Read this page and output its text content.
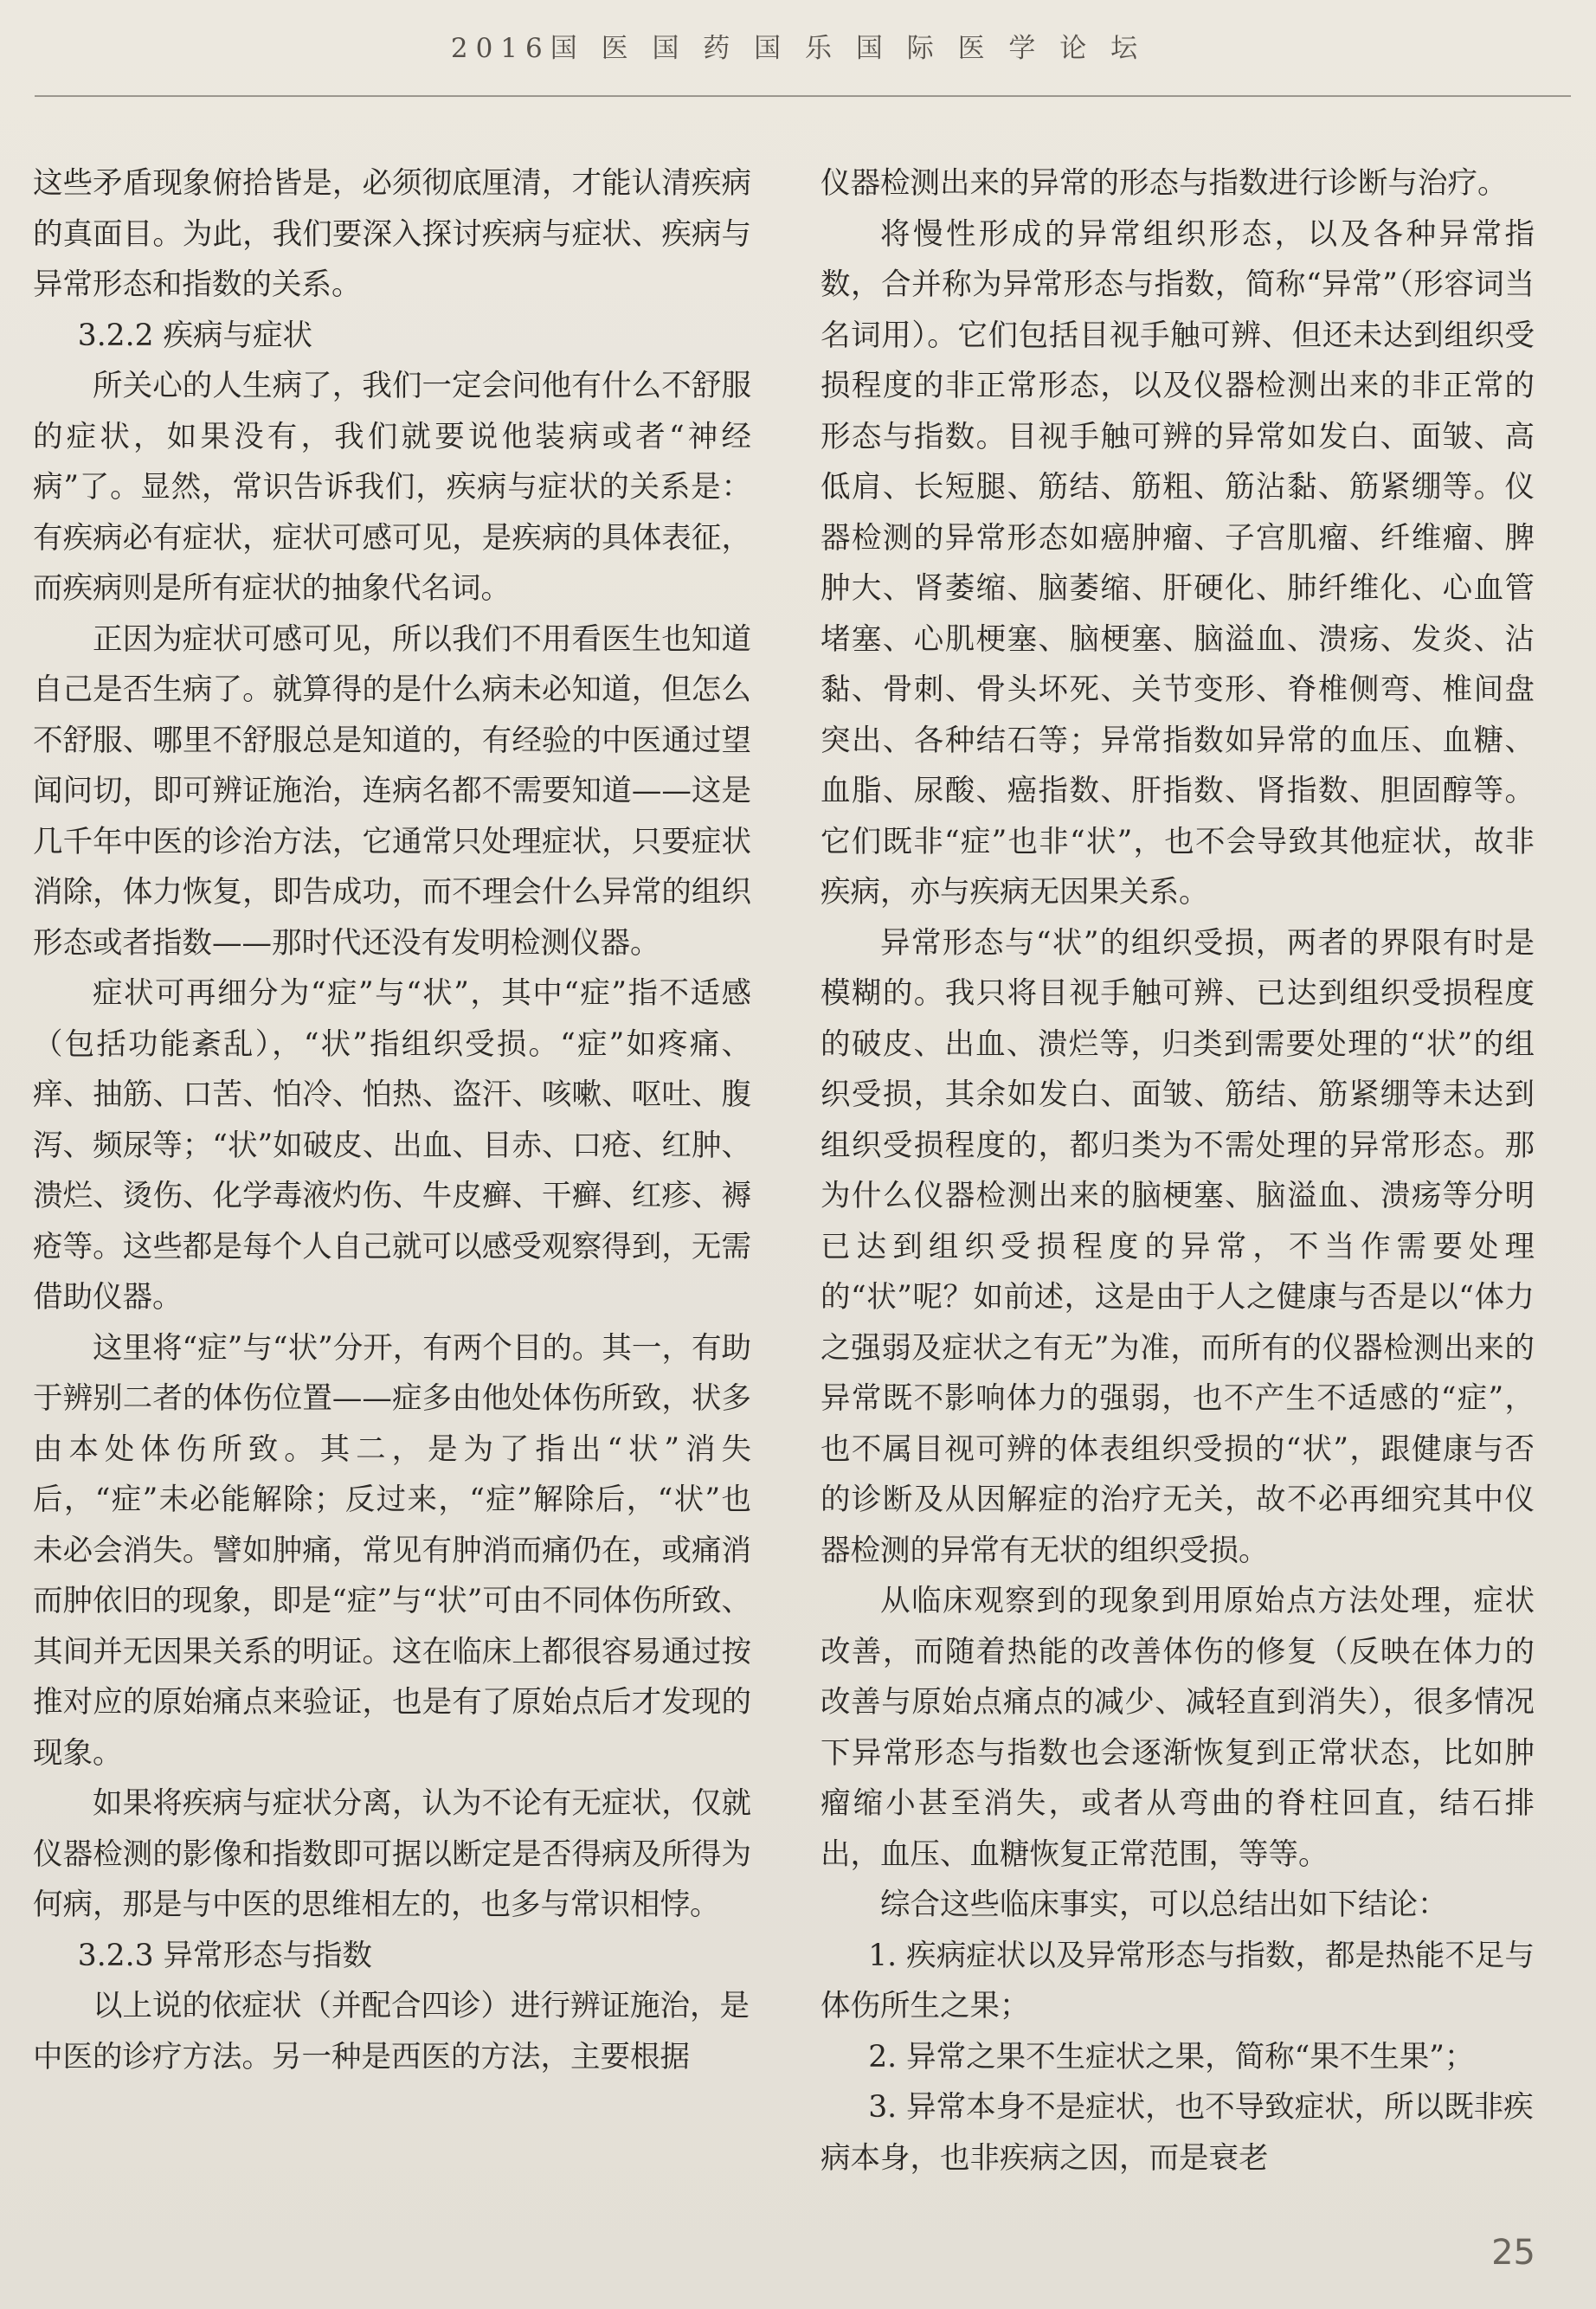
2016国 医 国 药 国 乐 国 际 医 学 论 坛

这些矛盾现象俯拾皆是，必须彻底厘清，才能认清疾病的真面目。为此，我们要深入探讨疾病与症状、疾病与异常形态和指数的关系。

3.2.2 疾病与症状

所关心的人生病了，我们一定会问他有什么不舒服的症状，如果没有，我们就要说他装病或者“神经病”了。显然，常识告诉我们，疾病与症状的关系是：有疾病必有症状，症状可感可见，是疾病的具体表征，而疾病则是所有症状的抽象代名词。

正因为症状可感可见，所以我们不用看医生也知道自己是否生病了。就算得的是什么病未必知道，但怎么不舒服、哪里不舒服总是知道的，有经验的中医通过望闻问切，即可辨证施治，连病名都不需要知道——这是几千年中医的诊治方法，它通常只处理症状，只要症状消除，体力恢复，即告成功，而不理会什么异常的组织形态或者指数——那时代还没有发明检测仪器。

症状可再细分为“症”与“状”，其中“症”指不适感（包括功能紊乱），“状”指组织受损。“症”如疼痛、痒、抽筋、口苦、怕冷、怕热、盗汗、咳嗽、呕吐、腹泻、频尿等；“状”如破皮、出血、目赤、口疮、红肿、溃烂、烫伤、化学毒液灼伤、牛皮癣、干癣、红疹、褥疮等。这些都是每个人自己就可以感受观察得到，无需借助仪器。

这里将“症”与“状”分开，有两个目的。其一，有助于辨别二者的体伤位置——症多由他处体伤所致，状多由本处体伤所致。其二，是为了指出“状”消失后，“症”未必能解除；反过来，“症”解除后，“状”也未必会消失。譬如肿痛，常见有肿消而痛仍在，或痛消而肿依旧的现象，即是“症”与“状”可由不同体伤所致、其间并无因果关系的明证。这在临床上都很容易通过按推对应的原始痛点来验证，也是有了原始点后才发现的现象。

如果将疾病与症状分离，认为不论有无症状，仅就仪器检测的影像和指数即可据以断定是否得病及所得为何病，那是与中医的思维相左的，也多与常识相悖。

3.2.3 异常形态与指数

以上说的依症状（并配合四诊）进行辨证施治，是中医的诊疗方法。另一种是西医的方法，主要根据

仪器检测出来的异常的形态与指数进行诊断与治疗。

将慢性形成的异常组织形态，以及各种异常指数，合并称为异常形态与指数，简称“异常”（形容词当名词用）。它们包括目视手触可辨、但还未达到组织受损程度的非正常形态，以及仪器检测出来的非正常的形态与指数。目视手触可辨的异常如发白、面皱、高低肩、长短腿、筋结、筋粗、筋沾黏、筋紧绷等。仪器检测的异常形态如癌肿瘤、子宫肌瘤、纤维瘤、脾肿大、肾萎缩、脑萎缩、肝硬化、肺纤维化、心血管堵塞、心肌梗塞、脑梗塞、脑溢血、溃疡、发炎、沾黏、骨刺、骨头坏死、关节变形、脊椎侧弯、椎间盘突出、各种结石等；异常指数如异常的血压、血糖、血脂、尿酸、癌指数、肝指数、肾指数、胆固醇等。它们既非“症”也非“状”，也不会导致其他症状，故非疾病，亦与疾病无因果关系。

异常形态与“状”的组织受损，两者的界限有时是模糊的。我只将目视手触可辨、已达到组织受损程度的破皮、出血、溃烂等，归类到需要处理的“状”的组织受损，其余如发白、面皱、筋结、筋紧绷等未达到组织受损程度的，都归类为不需处理的异常形态。那为什么仪器检测出来的脑梗塞、脑溢血、溃疡等分明已达到组织受损程度的异常，不当作需要处理的“状”呢？如前述，这是由于人之健康与否是以“体力之强弱及症状之有无”为准，而所有的仪器检测出来的异常既不影响体力的强弱，也不产生不适感的“症”，也不属目视可辨的体表组织受损的“状”，跟健康与否的诊断及从因解症的治疗无关，故不必再细究其中仪器检测的异常有无状的组织受损。

从临床观察到的现象到用原始点方法处理，症状改善，而随着热能的改善体伤的修复（反映在体力的改善与原始点痛点的减少、减轻直到消失），很多情况下异常形态与指数也会逐渐恢复到正常状态，比如肿瘤缩小甚至消失，或者从弯曲的脊柱回直，结石排出，血压、血糖恢复正常范围，等等。

综合这些临床事实，可以总结出如下结论：

1. 疾病症状以及异常形态与指数，都是热能不足与体伤所生之果；

2. 异常之果不生症状之果，简称“果不生果”；

3. 异常本身不是症状，也不导致症状，所以既非疾病本身，也非疾病之因，而是衰老

25
